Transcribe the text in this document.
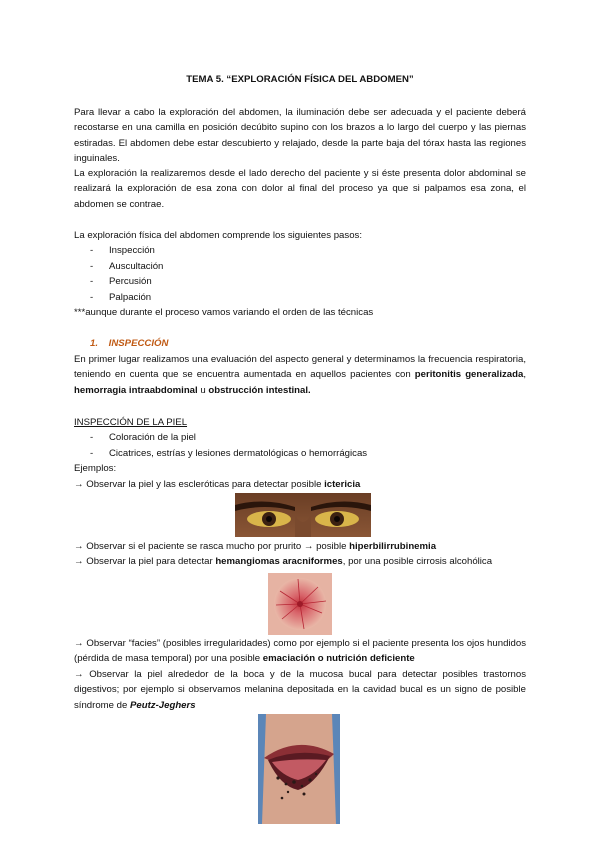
TEMA 5. “EXPLORACIÓN FÍSICA DEL ABDOMEN”

Para llevar a cabo la exploración del abdomen, la iluminación debe ser adecuada y el paciente deberá recostarse en una camilla en posición decúbito supino con los brazos a lo largo del cuerpo y las piernas estiradas. El abdomen debe estar descubierto y relajado, desde la parte baja del tórax hasta las regiones inguinales.

La exploración la realizaremos desde el lado derecho del paciente y si éste presenta dolor abdominal se realizará la exploración de esa zona con dolor al final del proceso ya que si palpamos esa zona, el abdomen se contrae.

La exploración física del abdomen comprende los siguientes pasos:
- Inspección
- Auscultación
- Percusión
- Palpación
***aunque durante el proceso vamos variando el orden de las técnicas
1. INSPECCIÓN

En primer lugar realizamos una evaluación del aspecto general y determinamos la frecuencia respiratoria, teniendo en cuenta que se encuentra aumentada en aquellos pacientes con peritonitis generalizada, hemorragia intraabdominal u obstrucción intestinal.

INSPECCIÓN DE LA PIEL
- Coloración de la piel
- Cicatrices, estrías y lesiones dermatológicas o hemorrágicas
Ejemplos:
→ Observar la piel y las escleróticas para detectar posible ictericia
→ Observar si el paciente se rasca mucho por prurito → posible hiperbilirrubinemia
→ Observar la piel para detectar hemangiomas aracniformes, por una posible cirrosis alcohólica
→ Observar “facies” (posibles irregularidades) como por ejemplo si el paciente presenta los ojos hundidos (pérdida de masa temporal) por una posible emaciación o nutrición deficiente
→ Observar la piel alrededor de la boca y de la mucosa bucal para detectar posibles trastornos digestivos; por ejemplo si observamos melanina depositada en la cavidad bucal es un signo de posible síndrome de Peutz-Jeghers
